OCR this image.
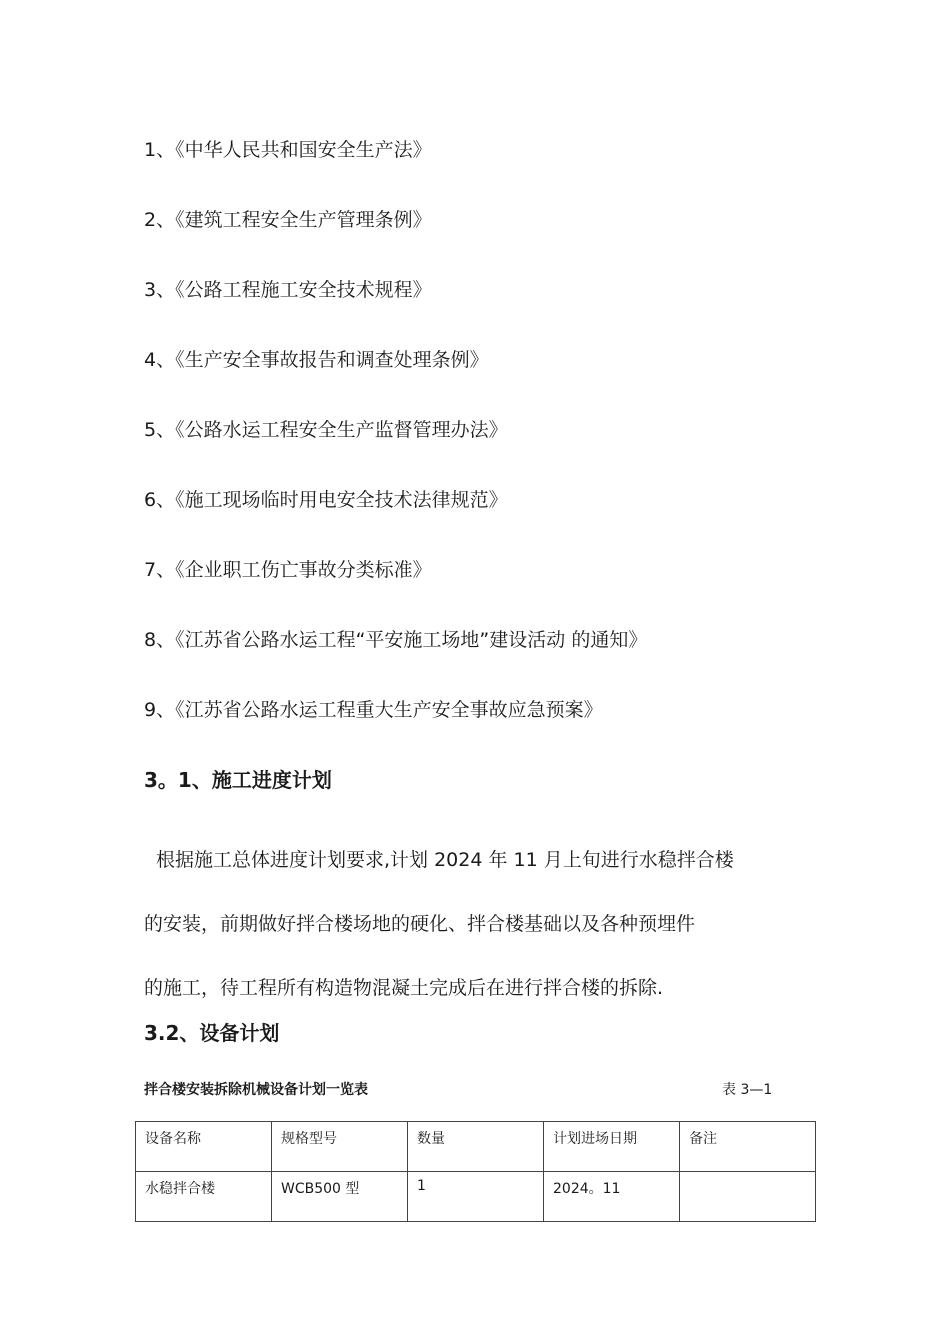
1、《中华人民共和国安全生产法》
2、《建筑工程安全生产管理条例》
3、《公路工程施工安全技术规程》
4、《生产安全事故报告和调查处理条例》
5、《公路水运工程安全生产监督管理办法》
6、《施工现场临时用电安全技术法律规范》
7、《企业职工伤亡事故分类标准》
8、《江苏省公路水运工程“平安施工场地”建设活动 的通知》
9、《江苏省公路水运工程重大生产安全事故应急预案》
3。1、施工进度计划
根据施工总体进度计划要求,计划 2024 年 11 月上旬进行水稳拌合楼
的安装，前期做好拌合楼场地的硬化、拌合楼基础以及各种预埋件
的施工，待工程所有构造物混凝土完成后在进行拌合楼的拆除.
3.2、设备计划
拌合楼安装拆除机械设备计划一览表	表 3—1
设备名称	规格型号	数量	计划进场日期	备注
水稳拌合楼	WCB500 型	1	2024。11	
